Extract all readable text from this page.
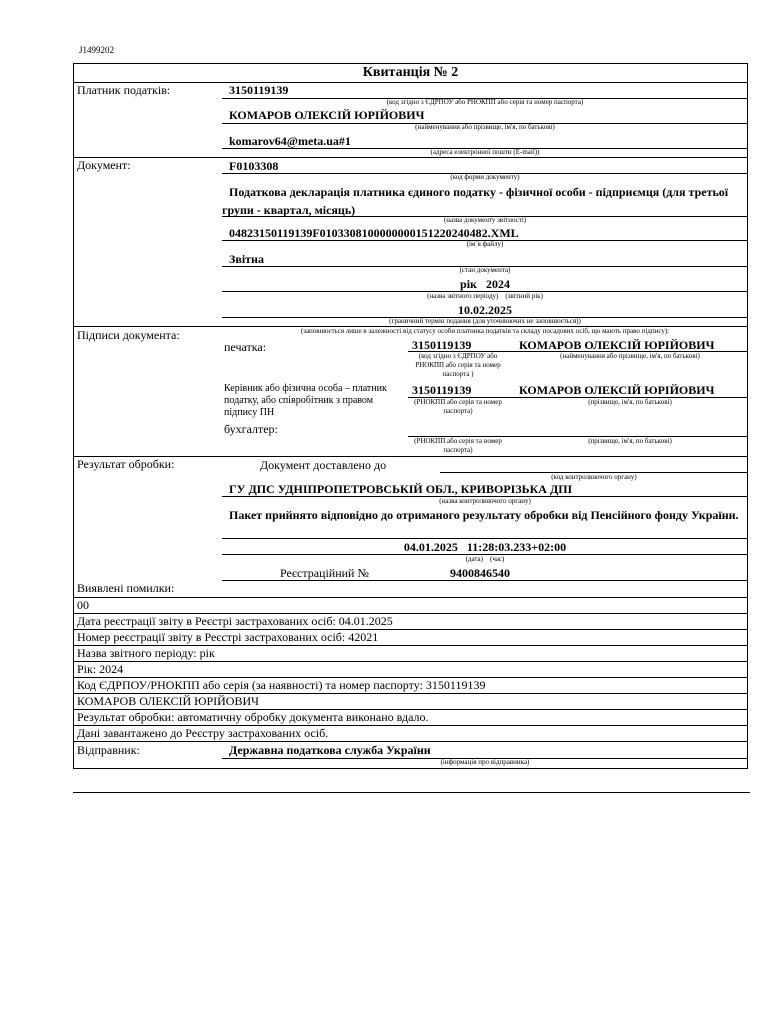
J1499202
Квитанція № 2
Платник податків:	3150119139
(код згідно з ЄДРПОУ або РНОКПП або серія та номер паспорта)
КОМАРОВ ОЛЕКСІЙ ЮРІЙОВИЧ
(найменування або прізвище, ім'я, по батькові)
komarov64@meta.ua#1
(адреса електронної пошти (E-mail))
Документ:	F0103308
(код форми документу)
Податкова декларація платника єдиного податку - фізичної особи - підприємця (для третьої групи - квартал, місяць)
(назва документу звітності)
04823150119139F0103308100000000151220240482.XML
(ім`я файлу)
Звітна
(стан документа)
рік   2024
(назва звітного періоду)    (звітний рік)
10.02.2025
(граничний термін подання (для уточнюючих не заповнюється))
Підписи документа:	(заповнюється лише в залежності від статусу особи платника податків та складу посадових осіб, що мають право підпису):
печатка:	3150119139	КОМАРОВ ОЛЕКСІЙ ЮРІЙОВИЧ
(код згідно з ЄДРПОУ або РНОКПП або серія та номер паспорта )
(найменування або прізвище, ім'я, по батькові)
Керівник або фізична особа – платник податку, або співробітник з правом підпису ПН
3150119139	КОМАРОВ ОЛЕКСІЙ ЮРІЙОВИЧ
(РНОКПП або серія та номер паспорта)
(прізвище, ім'я, по батькові)
бухгалтер:
(РНОКПП або серія та номер паспорта)
(прізвище, ім'я, по батькові)
Результат обробки:	Документ доставлено до
(код контролюючого органу)
ГУ ДПС УДНІПРОПЕТРОВСЬКІЙ ОБЛ., КРИВОРІЗЬКА ДПІ
(назва контролюючого органу)
Пакет прийнято відповідно до отриманого результату обробки від Пенсійного фонду України.
04.01.2025   11:28:03.233+02:00
(дата)    (час)
Реєстраційний №	9400846540
Виявлені помилки:
00
Дата реєстрації звіту в Реєстрі застрахованих осіб: 04.01.2025
Номер реєстрації звіту в Реєстрі застрахованих осіб: 42021
Назва звітного періоду: рік
Рік: 2024
Код ЄДРПОУ/РНОКПП або серія (за наявності) та номер паспорту: 3150119139
КОМАРОВ ОЛЕКСІЙ ЮРІЙОВИЧ
Результат обробки: автоматичну обробку документа виконано вдало.
Дані завантажено до Реєстру застрахованих осіб.
Відправник:	Державна податкова служба України
(інформація про відправника)
